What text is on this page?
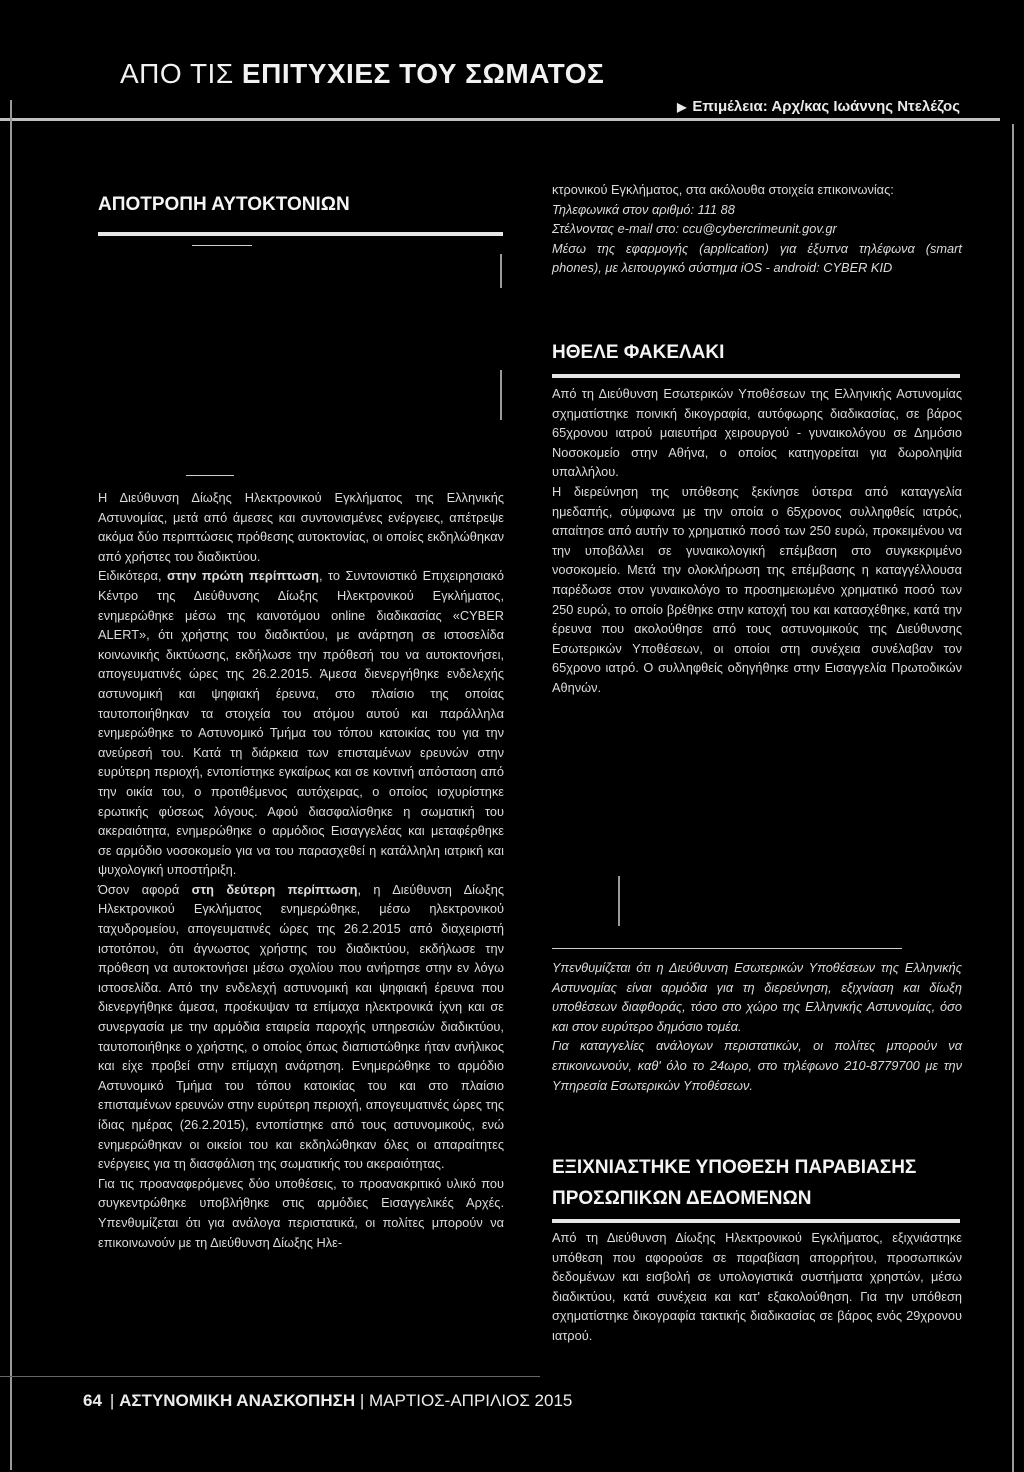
ΑΠΟ ΤΙΣ ΕΠΙΤΥΧΙΕΣ ΤΟΥ ΣΩΜΑΤΟΣ
▶ Επιμέλεια: Αρχ/κας Ιωάννης Ντελέζος
ΑΠΟΤΡΟΠΗ ΑΥΤΟΚΤΟΝΙΩΝ

Η Διεύθυνση Δίωξης Ηλεκτρονικού Εγκλήματος της Ελληνικής Αστυνομίας, μετά από άμεσες και συντονισμένες ενέργειες, απέτρεψε ακόμα δύο περιπτώσεις πρόθεσης αυτοκτονίας, οι οποίες εκδηλώθηκαν από χρήστες του διαδικτύου.

Ειδικότερα, στην πρώτη περίπτωση, το Συντονιστικό Επιχειρησιακό Κέντρο της Διεύθυνσης Δίωξης Ηλεκτρονικού Εγκλήματος, ενημερώθηκε μέσω της καινοτόμου online διαδικασίας «CYBER ALERT», ότι χρήστης του διαδικτύου, με ανάρτηση σε ιστοσελίδα κοινωνικής δικτύωσης, εκδήλωσε την πρόθεσή του να αυτοκτονήσει, απογευματινές ώρες της 26.2.2015. Άμεσα διενεργήθηκε ενδελεχής αστυνομική και ψηφιακή έρευνα, στο πλαίσιο της οποίας ταυτοποιήθηκαν τα στοιχεία του ατόμου αυτού και παράλληλα ενημερώθηκε το Αστυνομικό Τμήμα του τόπου κατοικίας του για την ανεύρεσή του. Κατά τη διάρκεια των επισταμένων ερευνών στην ευρύτερη περιοχή, εντοπίστηκε εγκαίρως και σε κοντινή απόσταση από την οικία του, ο προτιθέμενος αυτόχειρας, ο οποίος ισχυρίστηκε ερωτικής φύσεως λόγους. Αφού διασφαλίσθηκε η σωματική του ακεραιότητα, ενημερώθηκε ο αρμόδιος Εισαγγελέας και μεταφέρθηκε σε αρμόδιο νοσοκομείο για να του παρασχεθεί η κατάλληλη ιατρική και ψυχολογική υποστήριξη.

Όσον αφορά στη δεύτερη περίπτωση, η Διεύθυνση Δίωξης Ηλεκτρονικού Εγκλήματος ενημερώθηκε, μέσω ηλεκτρονικού ταχυδρομείου, απογευματινές ώρες της 26.2.2015 από διαχειριστή ιστοτόπου, ότι άγνωστος χρήστης του διαδικτύου, εκδήλωσε την πρόθεση να αυτοκτονήσει μέσω σχολίου που ανήρτησε στην εν λόγω ιστοσελίδα. Από την ενδελεχή αστυνομική και ψηφιακή έρευνα που διενεργήθηκε άμεσα, προέκυψαν τα επίμαχα ηλεκτρονικά ίχνη και σε συνεργασία με την αρμόδια εταιρεία παροχής υπηρεσιών διαδικτύου, ταυτοποιήθηκε ο χρήστης, ο οποίος όπως διαπιστώθηκε ήταν ανήλικος και είχε προβεί στην επίμαχη ανάρτηση. Ενημερώθηκε το αρμόδιο Αστυνομικό Τμήμα του τόπου κατοικίας του και στο πλαίσιο επισταμένων ερευνών στην ευρύτερη περιοχή, απογευματινές ώρες της ίδιας ημέρας (26.2.2015), εντοπίστηκε από τους αστυνομικούς, ενώ ενημερώθηκαν οι οικείοι του και εκδηλώθηκαν όλες οι απαραίτητες ενέργειες για τη διασφάλιση της σωματικής του ακεραιότητας.

Για τις προαναφερόμενες δύο υποθέσεις, το προανακριτικό υλικό που συγκεντρώθηκε υποβλήθηκε στις αρμόδιες Εισαγγελικές Αρχές. Υπενθυμίζεται ότι για ανάλογα περιστατικά, οι πολίτες μπορούν να επικοινωνούν με τη Διεύθυνση Δίωξης Ηλε-

κτρονικού Εγκλήματος, στα ακόλουθα στοιχεία επικοινωνίας:

Τηλεφωνικά στον αριθμό: 111 88

Στέλνοντας e-mail στο: ccu@cybercrimeunit.gov.gr

Μέσω της εφαρμογής (application) για έξυπνα τηλέφωνα (smart phones), με λειτουργικό σύστημα iOS - android: CYBER KID

ΗΘΕΛΕ ΦΑΚΕΛΑΚΙ

Από τη Διεύθυνση Εσωτερικών Υποθέσεων της Ελληνικής Αστυνομίας σχηματίστηκε ποινική δικογραφία, αυτόφωρης διαδικασίας, σε βάρος 65χρονου ιατρού μαιευτήρα χειρουργού - γυναικολόγου σε Δημόσιο Νοσοκομείο στην Αθήνα, ο οποίος κατηγορείται για δωροληψία υπαλλήλου.

Η διερεύνηση της υπόθεσης ξεκίνησε ύστερα από καταγγελία ημεδαπής, σύμφωνα με την οποία ο 65χρονος συλληφθείς ιατρός, απαίτησε από αυτήν το χρηματικό ποσό των 250 ευρώ, προκειμένου να την υποβάλλει σε γυναικολογική επέμβαση στο συγκεκριμένο νοσοκομείο. Μετά την ολοκλήρωση της επέμβασης η καταγγέλλουσα παρέδωσε στον γυναικολόγο το προσημειωμένο χρηματικό ποσό των 250 ευρώ, το οποίο βρέθηκε στην κατοχή του και κατασχέθηκε, κατά την έρευνα που ακολούθησε από τους αστυνομικούς της Διεύθυνσης Εσωτερικών Υποθέσεων, οι οποίοι στη συνέχεια συνέλαβαν τον 65χρονο ιατρό. Ο συλληφθείς οδηγήθηκε στην Εισαγγελία Πρωτοδικών Αθηνών.

Υπενθυμίζεται ότι η Διεύθυνση Εσωτερικών Υποθέσεων της Ελληνικής Αστυνομίας είναι αρμόδια για τη διερεύνηση, εξιχνίαση και δίωξη υποθέσεων διαφθοράς, τόσο στο χώρο της Ελληνικής Αστυνομίας, όσο και στον ευρύτερο δημόσιο τομέα.

Για καταγγελίες ανάλογων περιστατικών, οι πολίτες μπορούν να επικοινωνούν, καθ' όλο το 24ωρο, στο τηλέφωνο 210-8779700 με την Υπηρεσία Εσωτερικών Υποθέσεων.

ΕΞΙΧΝΙΑΣΤΗΚΕ ΥΠΟΘΕΣΗ ΠΑΡΑΒΙΑΣΗΣ
ΠΡΟΣΩΠΙΚΩΝ ΔΕΔΟΜΕΝΩΝ

Από τη Διεύθυνση Δίωξης Ηλεκτρονικού Εγκλήματος, εξιχνιάστηκε υπόθεση που αφορούσε σε παραβίαση απορρήτου, προσωπικών δεδομένων και εισβολή σε υπολογιστικά συστήματα χρηστών, μέσω διαδικτύου, κατά συνέχεια και κατ' εξακολούθηση. Για την υπόθεση σχηματίστηκε δικογραφία τακτικής διαδικασίας σε βάρος ενός 29χρονου ιατρού.

64 | ΑΣΤΥΝΟΜΙΚΗ ΑΝΑΣΚΟΠΗΣΗ | ΜΑΡΤΙΟΣ-ΑΠΡΙΛΙΟΣ 2015
